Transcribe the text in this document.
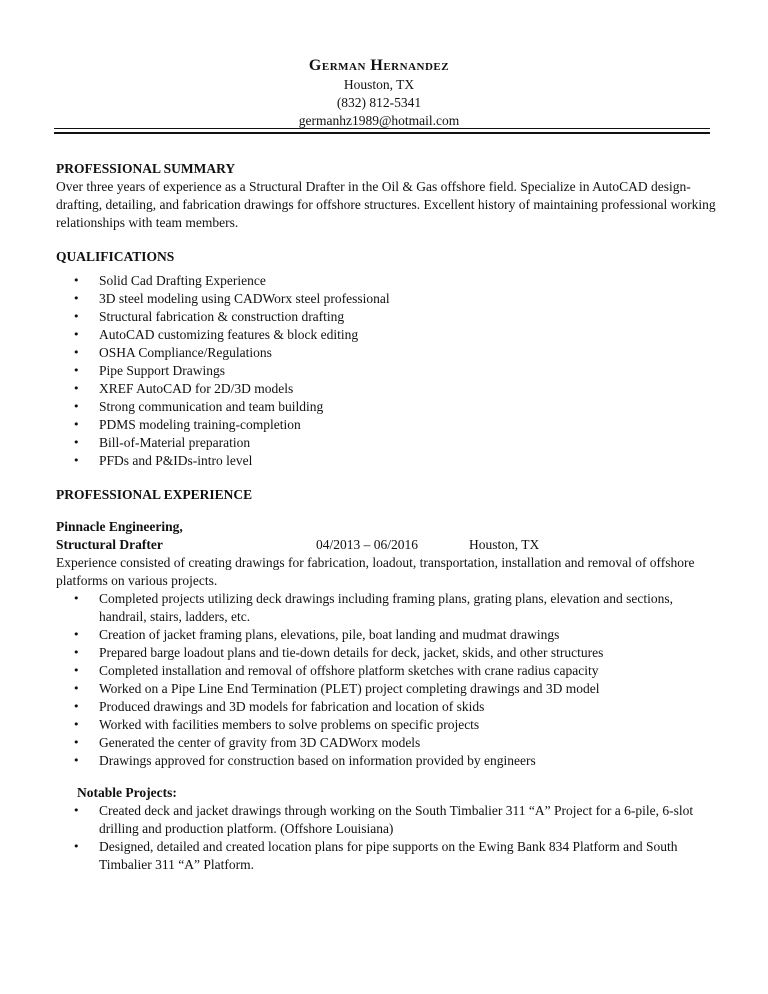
German Hernandez
Houston, TX
(832) 812-5341
germanhz1989@hotmail.com
PROFESSIONAL SUMMARY

Over three years of experience as a Structural Drafter in the Oil & Gas offshore field. Specialize in AutoCAD design-drafting, detailing, and fabrication drawings for offshore structures. Excellent history of maintaining professional working relationships with team members.

QUALIFICATIONS
• Solid Cad Drafting Experience
• 3D steel modeling using CADWorx steel professional
• Structural fabrication & construction drafting
• AutoCAD customizing features & block editing
• OSHA Compliance/Regulations
• Pipe Support Drawings
• XREF AutoCAD for 2D/3D models
• Strong communication and team building
• PDMS modeling training-completion
• Bill-of-Material preparation
• PFDs and P&IDs-intro level
PROFESSIONAL EXPERIENCE
Pinnacle Engineering,
Structural Drafter	04/2013 – 06/2016	Houston, TX

Experience consisted of creating drawings for fabrication, loadout, transportation, installation and removal of offshore platforms on various projects.

• Completed projects utilizing deck drawings including framing plans, grating plans, elevation and sections, handrail, stairs, ladders, etc.
• Creation of jacket framing plans, elevations, pile, boat landing and mudmat drawings
• Prepared barge loadout plans and tie-down details for deck, jacket, skids, and other structures
• Completed installation and removal of offshore platform sketches with crane radius capacity
• Worked on a Pipe Line End Termination (PLET) project completing drawings and 3D model
• Produced drawings and 3D models for fabrication and location of skids
• Worked with facilities members to solve problems on specific projects
• Generated the center of gravity from 3D CADWorx models
• Drawings approved for construction based on information provided by engineers
Notable Projects:
• Created deck and jacket drawings through working on the South Timbalier 311 “A” Project for a 6-pile, 6-slot drilling and production platform. (Offshore Louisiana)
• Designed, detailed and created location plans for pipe supports on the Ewing Bank 834 Platform and South Timbalier 311 “A” Platform.
